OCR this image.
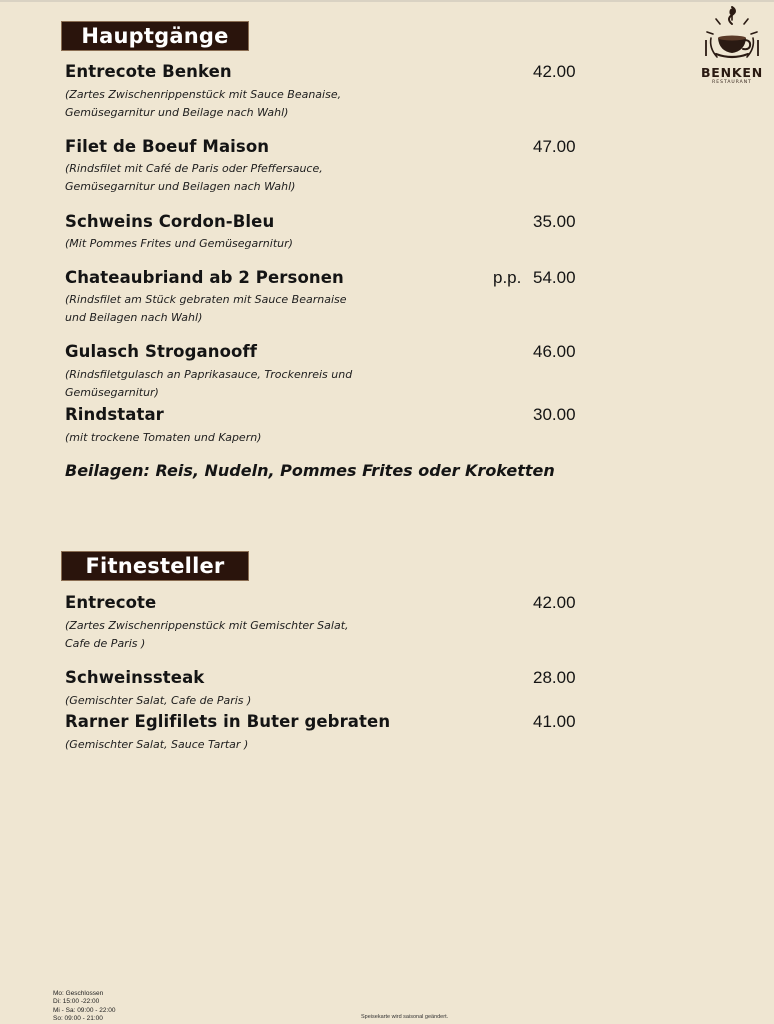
BENKEN
RESTAURANT
Hauptgänge
Entrecote Benken	42.00
(Zartes Zwischenrippenstück mit Sauce Beanaise, Gemüsegarnitur und Beilage nach Wahl)
Filet de Boeuf Maison	47.00
(Rindsfilet mit Café de Paris oder Pfeffersauce, Gemüsegarnitur und Beilagen nach Wahl)
Schweins Cordon-Bleu	35.00
(Mit Pommes Frites und Gemüsegarnitur)
Chateaubriand ab 2 Personen	p.p. 54.00
(Rindsfilet am Stück gebraten mit Sauce Bearnaise und Beilagen nach Wahl)
Gulasch Stroganooff	46.00
(Rindsfiletgulasch an Paprikasauce, Trockenreis und Gemüsegarnitur)
Rindstatar	30.00
(mit trockene Tomaten und Kapern)
Beilagen: Reis, Nudeln, Pommes Frites oder Kroketten
Fitnesteller
Entrecote	42.00
(Zartes Zwischenrippenstück mit Gemischter Salat, Cafe de Paris )
Schweinssteak	28.00
(Gemischter Salat, Cafe de Paris )
Rarner Eglifilets in Buter gebraten	41.00
(Gemischter Salat, Sauce Tartar )
Mo: Geschlossen
Di: 15:00 -22:00
Mi - Sa: 09:00 - 22:00
So: 09:00 - 21:00	Speisekarte wird saisonal geändert.
